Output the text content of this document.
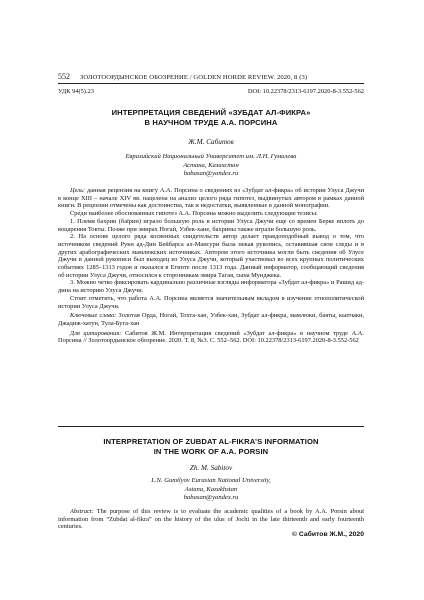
552 ЗОЛОТООРДЫНСКОЕ ОБОЗРЕНИЕ / GOLDEN HORDE REVIEW. 2020, 8 (3)
УДК 94(5).23	DOI: 10.22378/2313-6197.2020-8-3.552-562
ИНТЕРПРЕТАЦИЯ СВЕДЕНИЙ «ЗУБДАТ АЛ-ФИКРА»
В НАУЧНОМ ТРУДЕ А.А. ПОРСИНА
Ж.М. Сабитов
Евразийский Национальный Университет им. Л.Н. Гумилева
Астана, Казахстан
babasan@yandex.ru

Цель: данная рецензия на книгу А.А. Порсина о сведениях из «Зубдат ал-фикра» об истории Улуса Джучи в конце XIII – начале XIV вв. нацелена на анализ целого ряда гипотез, выдвинутых автором в рамках данной книги. В рецензии отмечены как достоинства, так и недостатки, выявленные в данной монографии.

Среди наиболее обоснованных гипотез А.А. Порсина можно выделить следующие тезисы:

1. Племя бахрин (баїрин) играло большую роль в истории Улуса Джучи еще со времен Берке вплоть до воцарения Токты. Позже при эмирах Ногай, Узбек-хане, бахрины также играли большую роль.

2. На основе целого ряда косвенных свидетельств автор делает правдоподобный вывод о том, что источником сведений Рукн ад-Дин Бейбарса ал-Мансури была некая рукопись, оставившая свои следы и в других арабографических мамлюкских источниках. Автором этого источника могли быть сведения об Улусе Джучи в данной рукописи был выходец из Улуса Джучи, который участвовал во всех крупных политических событиях 1285–1313 годов и оказался в Египте после 1313 года. Данный информатор, сообщающий сведения об истории Улуса Джучи, относился к сторонникам эмира Тагая, сына Мунджека.

3. Можно четко фиксировать кардинально различные взгляды информатора «Зубдат ал-фикра» и Рашид ад-дина на историю Улуса Джучи.

Стоит отметить, что работа А.А. Порсина является значительным вкладом в изучение этнополитической истории Улуса Джучи.

Ключевые слова: Золотая Орда, Ногай, Тохта-хан, Узбек-хан, Зубдат ал-фикра, мамлюки, баяты, кыпчаки, Джадиж-хатун, Тула-Буга-хан

Для цитирования: Сабитов Ж.М. Интерпретация сведений «Зубдат ал-фикра» в научном труде А.А. Порсина // Золотоордынское обозрение. 2020. Т. 8, №3. С. 552–562. DOI: 10.22378/2313-6197.2020-8-3.552-562

INTERPRETATION OF ZUBDAT AL-FIKRA’S INFORMATION
IN THE WORK OF A.A. PORSIN
Zh. M. Sabitov
L.N. Gumilyov Eurasian National University,
Astana, Kazakhstan
babasan@yandex.ru

Abstract: The purpose of this review is to evaluate the academic qualities of a book by A.A. Porsin about information from “Zubdat al-fikra” on the history of the ulus of Jochi in the late thirteenth and early fourteenth centuries.

© Сабитов Ж.М., 2020
